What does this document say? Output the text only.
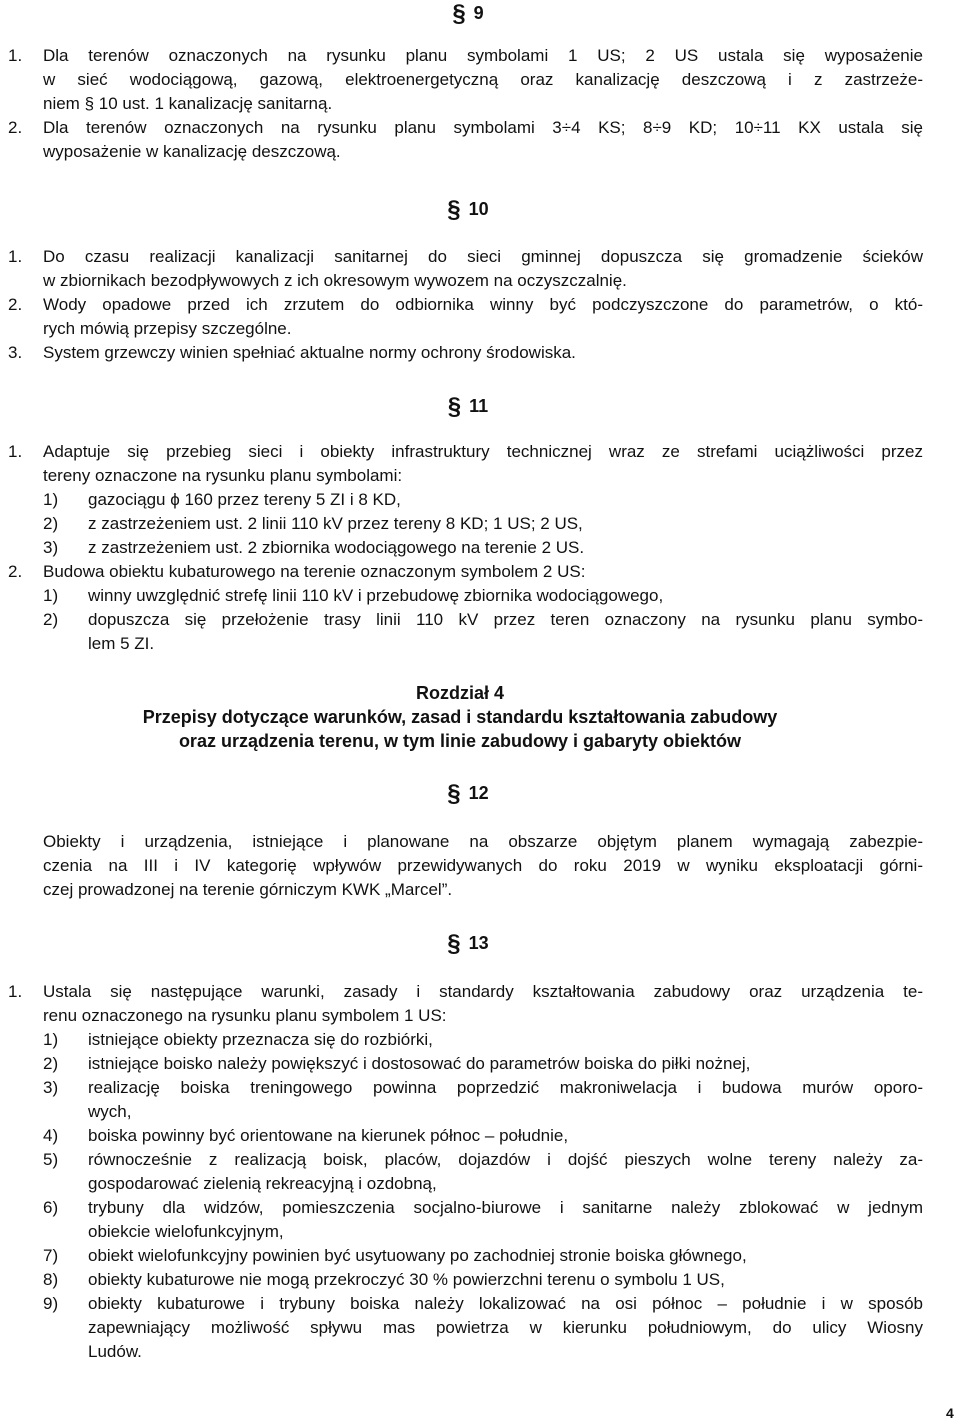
§ 9
1. Dla terenów oznaczonych na rysunku planu symbolami 1 US; 2 US ustala się wyposażenie
w sieć wodociągową, gazową, elektroenergetyczną oraz kanalizację deszczową i z zastrzeże-
niem § 10 ust. 1 kanalizację sanitarną.
2. Dla terenów oznaczonych na rysunku planu symbolami 3÷4 KS; 8÷9 KD; 10÷11 KX ustala się
wyposażenie w kanalizację deszczową.
§ 10
1. Do czasu realizacji kanalizacji sanitarnej do sieci gminnej dopuszcza się gromadzenie ścieków
w zbiornikach bezodpływowych z ich okresowym wywozem na oczyszczalnię.
2. Wody opadowe przed ich zrzutem do odbiornika winny być podczyszczone do parametrów, o któ-
rych mówią przepisy szczególne.
3. System grzewczy winien spełniać aktualne normy ochrony środowiska.
§ 11
1. Adaptuje się przebieg sieci i obiekty infrastruktury technicznej wraz ze strefami uciążliwości przez
tereny oznaczone na rysunku planu symbolami:
1) gazociągu ϕ 160 przez tereny 5 ZI i 8 KD,
2) z zastrzeżeniem ust. 2 linii 110 kV przez tereny 8 KD; 1 US; 2 US,
3) z zastrzeżeniem ust. 2 zbiornika wodociągowego na terenie 2 US.
2. Budowa obiektu kubaturowego na terenie oznaczonym symbolem 2 US:
1) winny uwzględnić strefę linii 110 kV i przebudowę zbiornika wodociągowego,
2) dopuszcza się przełożenie trasy linii 110 kV przez teren oznaczony na rysunku planu symbo-
lem 5 ZI.
Rozdział 4
Przepisy dotyczące warunków, zasad i standardu kształtowania zabudowy
oraz urządzenia terenu, w tym linie zabudowy i gabaryty obiektów
§ 12
Obiekty i urządzenia, istniejące i planowane na obszarze objętym planem wymagają zabezpie-
czenia na III i IV kategorię wpływów przewidywanych do roku 2019 w wyniku eksploatacji górni-
czej prowadzonej na terenie górniczym KWK „Marcel”.
§ 13
1. Ustala się następujące warunki, zasady i standardy kształtowania zabudowy oraz urządzenia te-
renu oznaczonego na rysunku planu symbolem 1 US:
1) istniejące obiekty przeznacza się do rozbiórki,
2) istniejące boisko należy powiększyć i dostosować do parametrów boiska do piłki nożnej,
3) realizację boiska treningowego powinna poprzedzić makroniwelacja i budowa murów oporo-
wych,
4) boiska powinny być orientowane na kierunek północ – południe,
5) równocześnie z realizacją boisk, placów, dojazdów i dojść pieszych wolne tereny należy za-
gospodarować zielenią rekreacyjną i ozdobną,
6) trybuny dla widzów, pomieszczenia socjalno-biurowe i sanitarne należy zblokować w jednym
obiekcie wielofunkcyjnym,
7) obiekt wielofunkcyjny powinien być usytuowany po zachodniej stronie boiska głównego,
8) obiekty kubaturowe nie mogą przekroczyć 30 % powierzchni terenu o symbolu 1 US,
9) obiekty kubaturowe i trybuny boiska należy lokalizować na osi północ – południe i w sposób
zapewniający możliwość spływu mas powietrza w kierunku południowym, do ulicy Wiosny
Ludów.
4
